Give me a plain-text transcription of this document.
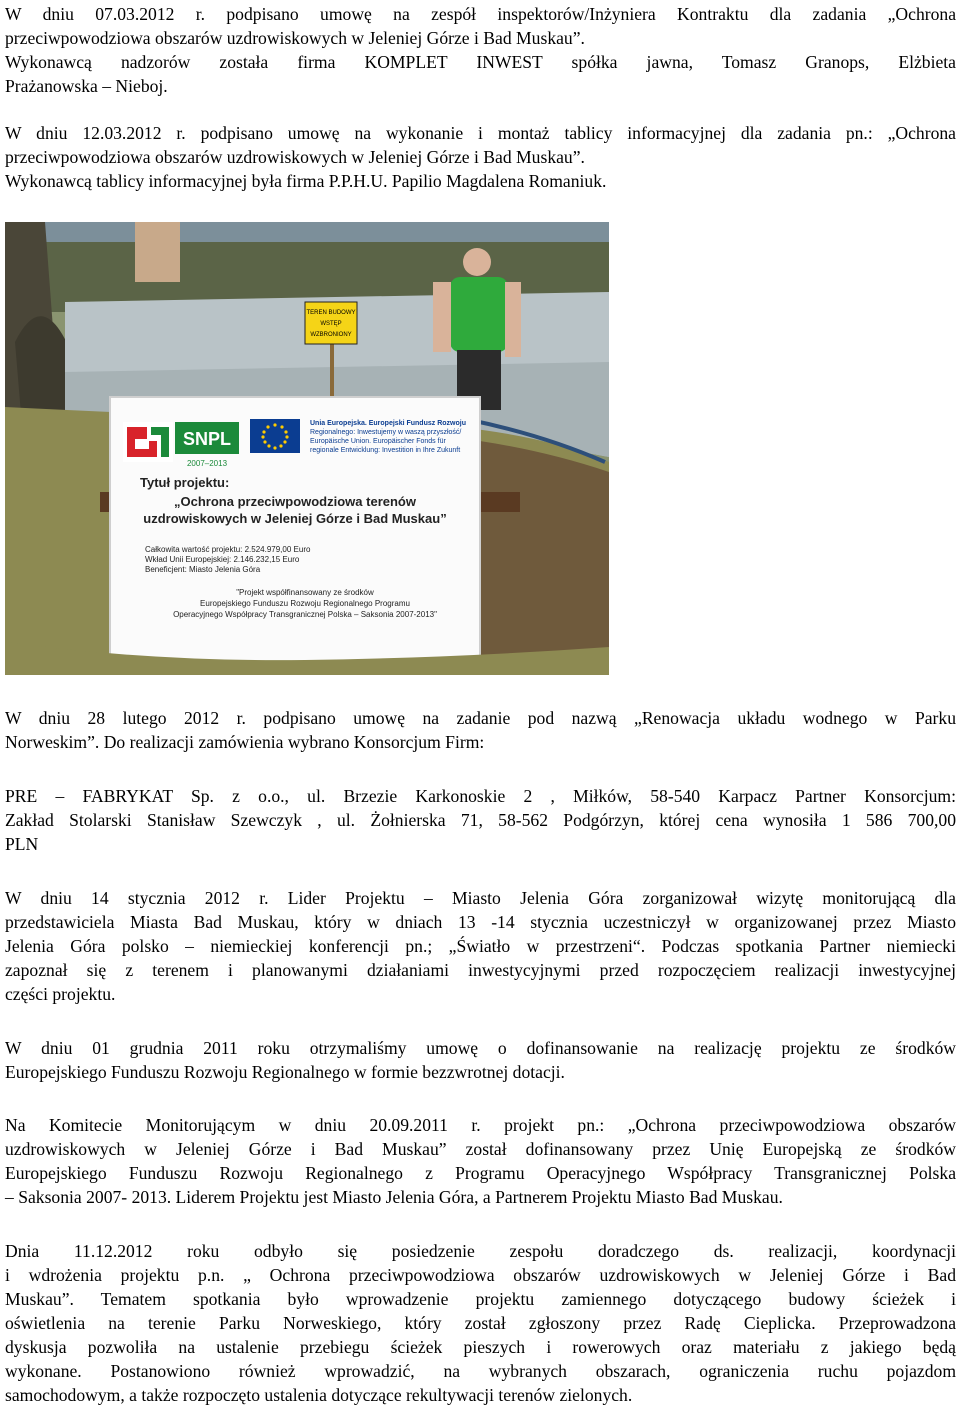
W dniu 07.03.2012 r. podpisano umowę na zespół inspektorów/Inżyniera Kontraktu dla zadania „Ochrona
przeciwpowodziowa obszarów uzdrowiskowych w Jeleniej Górze i Bad Muskau”.
Wykonawcą nadzorów została firma KOMPLET INWEST spółka jawna, Tomasz Granops, Elżbieta
Prażanowska – Nieboj.
W dniu 12.03.2012 r. podpisano umowę na wykonanie i montaż tablicy informacyjnej dla zadania pn.: „Ochrona
przeciwpowodziowa obszarów uzdrowiskowych w Jeleniej Górze i Bad Muskau”.
Wykonawcą tablicy informacyjnej była firma P.P.H.U. Papilio Magdalena Romaniuk.
TEREN BUDOWY
WSTĘP
WZBRONIONY
SNPL
2007–2013
Unia Europejska. Europejski Fundusz Rozwoju
Regionalnego: Inwestujemy w waszą przyszłość/
Europäische Union. Europäischer Fonds für
regionale Entwicklung: Investition in Ihre Zukunft
Tytuł projektu:
„Ochrona przeciwpowodziowa terenów
uzdrowiskowych w Jeleniej Górze i Bad Muskau”
Całkowita wartość projektu: 2.524.979,00 Euro
Wkład Unii Europejskiej: 2.146.232,15 Euro
Beneficjent: Miasto Jelenia Góra
"Projekt współfinansowany ze środków
Europejskiego Funduszu Rozwoju Regionalnego Programu
Operacyjnego Współpracy Transgranicznej Polska – Saksonia 2007-2013"
W dniu 28 lutego 2012 r. podpisano umowę na zadanie pod nazwą „Renowacja układu wodnego w Parku
Norweskim”. Do realizacji zamówienia wybrano Konsorcjum Firm:
PRE – FABRYKAT Sp. z o.o., ul. Brzezie Karkonoskie 2 , Miłków, 58-540 Karpacz Partner Konsorcjum:
Zakład Stolarski Stanisław Szewczyk , ul. Żołnierska 71, 58-562 Podgórzyn, której cena wynosiła 1 586 700,00
PLN
W dniu 14 stycznia 2012 r. Lider Projektu – Miasto Jelenia Góra zorganizował wizytę monitorującą dla
przedstawiciela Miasta Bad Muskau, który w dniach 13 -14 stycznia uczestniczył w organizowanej przez Miasto
Jelenia Góra polsko – niemieckiej konferencji pn.; „Światło w przestrzeni“. Podczas spotkania Partner niemiecki
zapoznał się z terenem i planowanymi działaniami inwestycyjnymi przed rozpoczęciem realizacji inwestycyjnej
części projektu.
W dniu 01 grudnia 2011 roku otrzymaliśmy umowę o dofinansowanie na realizację projektu ze środków
Europejskiego Funduszu Rozwoju Regionalnego w formie bezzwrotnej dotacji.
Na Komitecie Monitorującym w dniu 20.09.2011 r. projekt pn.: „Ochrona przeciwpowodziowa obszarów
uzdrowiskowych w Jeleniej Górze i Bad Muskau” został dofinansowany przez Unię Europejską ze środków
Europejskiego Funduszu Rozwoju Regionalnego z Programu Operacyjnego Współpracy Transgranicznej Polska
– Saksonia 2007- 2013. Liderem Projektu jest Miasto Jelenia Góra, a Partnerem Projektu Miasto Bad Muskau.
Dnia 11.12.2012 roku odbyło się posiedzenie zespołu doradczego ds. realizacji, koordynacji
i wdrożenia projektu p.n. „ Ochrona przeciwpowodziowa obszarów uzdrowiskowych w Jeleniej Górze i Bad
Muskau”. Tematem spotkania było wprowadzenie projektu zamiennego dotyczącego budowy ścieżek i
oświetlenia na terenie Parku Norweskiego, który został zgłoszony przez Radę Cieplicka. Przeprowadzona
dyskusja pozwoliła na ustalenie przebiegu ścieżek pieszych i rowerowych oraz materiału z jakiego będą
wykonane. Postanowiono również wprowadzić, na wybranych obszarach, ograniczenia ruchu pojazdom
samochodowym, a także rozpoczęto ustalenia dotyczące rekultywacji terenów zielonych.
